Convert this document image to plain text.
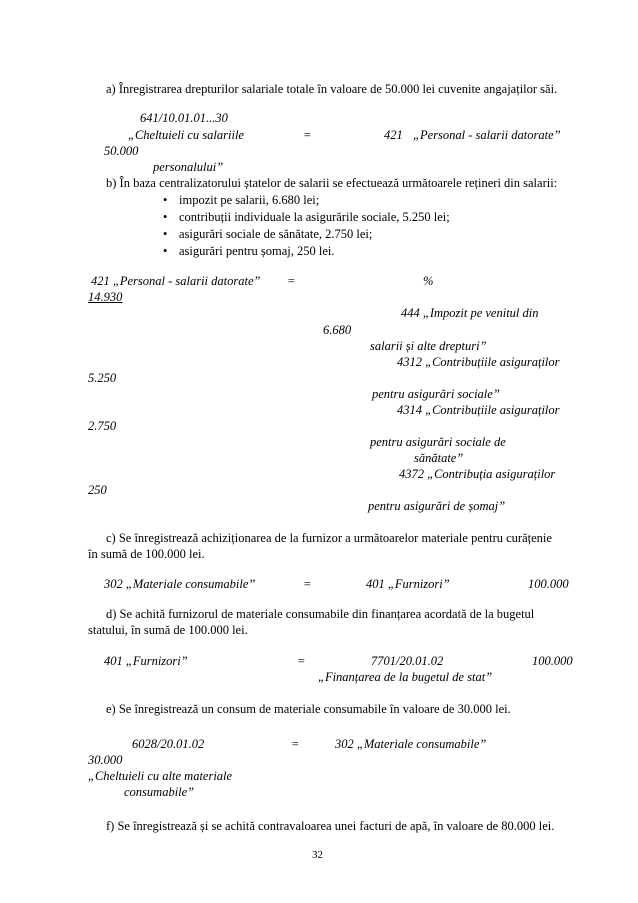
a) Înregistrarea drepturilor salariale totale în valoare de 50.000 lei cuvenite angajaților săi.
641/10.01.01...30
„Cheltuieli cu salariile	=	421 „Personal - salarii datorate”
50.000
personalului”
b) În baza centralizatorului ștatelor de salarii se efectuează următoarele rețineri din salarii:
• impozit pe salarii, 6.680 lei;
• contribuții individuale la asigurările sociale, 5.250 lei;
• asigurări sociale de sănătate, 2.750 lei;
• asigurări pentru șomaj, 250 lei.
421 „Personal - salarii datorate” =	%
14.930
444 „Impozit pe venitul din
6.680
salarii și alte drepturi”
4312 „Contribuțiile asiguraților
5.250
pentru asigurări sociale”
4314 „Contribuțiile asiguraților
2.750
pentru asigurări sociale de
sănătate”
4372 „Contribuția asiguraților
250
pentru asigurări de șomaj”
c) Se înregistrează achiziționarea de la furnizor a următoarelor materiale pentru curățenie
în sumă de 100.000 lei.
302 „Materiale consumabile”	=	401 „Furnizori”	100.000
d) Se achită furnizorul de materiale consumabile din finanțarea acordată de la bugetul
statului, în sumă de 100.000 lei.
401 „Furnizori”	=	7701/20.01.02	100.000
„Finanțarea de la bugetul de stat”
e) Se înregistrează un consum de materiale consumabile în valoare de 30.000 lei.
6028/20.01.02	=	302 „Materiale consumabile”
30.000
„Cheltuieli cu alte materiale
consumabile”
f) Se înregistrează și se achită contravaloarea unei facturi de apă, în valoare de 80.000 lei.
32
